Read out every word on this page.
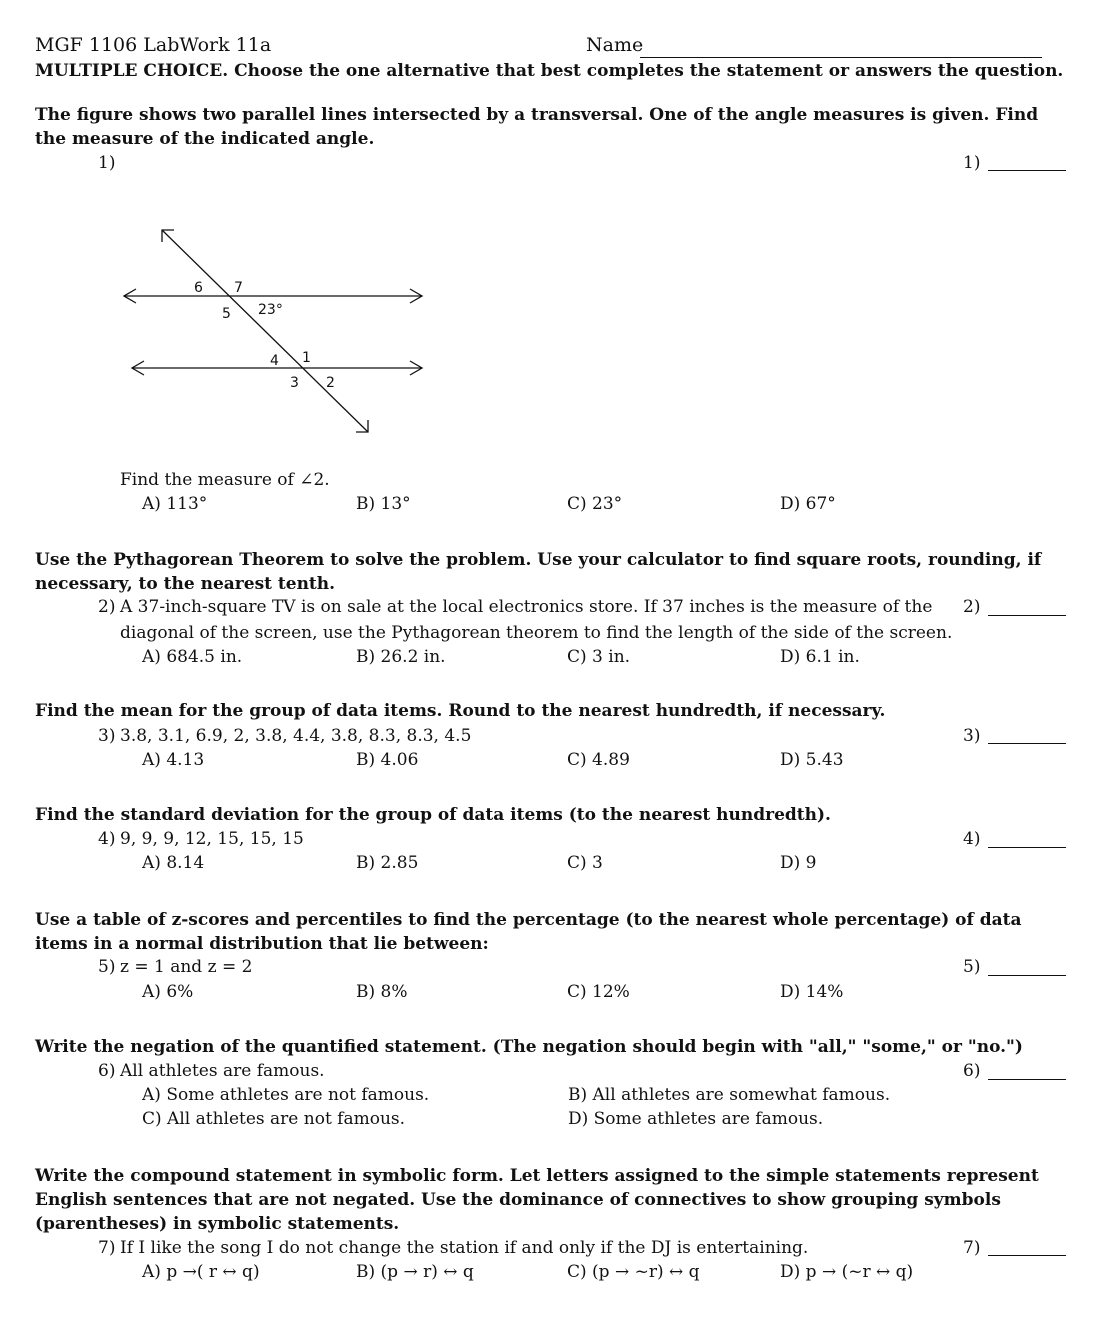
MGF 1106 LabWork 11a	Name
MULTIPLE CHOICE. Choose the one alternative that best completes the statement or answers the question.
The figure shows two parallel lines intersected by a transversal. One of the angle measures is given. Find the measure of the indicated angle.
1)	1)
6 7
5 23°
4 1
3 2
Find the measure of ∠2.
A) 113°	B) 13°	C) 23°	D) 67°
Use the Pythagorean Theorem to solve the problem. Use your calculator to find square roots, rounding, if necessary, to the nearest tenth.
2) A 37-inch-square TV is on sale at the local electronics store. If 37 inches is the measure of the
diagonal of the screen, use the Pythagorean theorem to find the length of the side of the screen.
2)
A) 684.5 in.	B) 26.2 in.	C) 3 in.	D) 6.1 in.
Find the mean for the group of data items. Round to the nearest hundredth, if necessary.
3) 3.8, 3.1, 6.9, 2, 3.8, 4.4, 3.8, 8.3, 8.3, 4.5	3)
A) 4.13	B) 4.06	C) 4.89	D) 5.43
Find the standard deviation for the group of data items (to the nearest hundredth).
4) 9, 9, 9, 12, 15, 15, 15	4)
A) 8.14	B) 2.85	C) 3	D) 9
Use a table of z-scores and percentiles to find the percentage (to the nearest whole percentage) of data items in a normal distribution that lie between:
5) z = 1 and z = 2	5)
A) 6%	B) 8%	C) 12%	D) 14%
Write the negation of the quantified statement. (The negation should begin with "all," "some," or "no.")
6) All athletes are famous.	6)
A) Some athletes are not famous.	B) All athletes are somewhat famous.
C) All athletes are not famous.	D) Some athletes are famous.
Write the compound statement in symbolic form. Let letters assigned to the simple statements represent English sentences that are not negated. Use the dominance of connectives to show grouping symbols (parentheses) in symbolic statements.
7) If I like the song I do not change the station if and only if the DJ is entertaining.	7)
A) p →( r ↔ q)	B) (p → r) ↔ q	C) (p → ~r) ↔ q	D) p → (~r ↔ q)
